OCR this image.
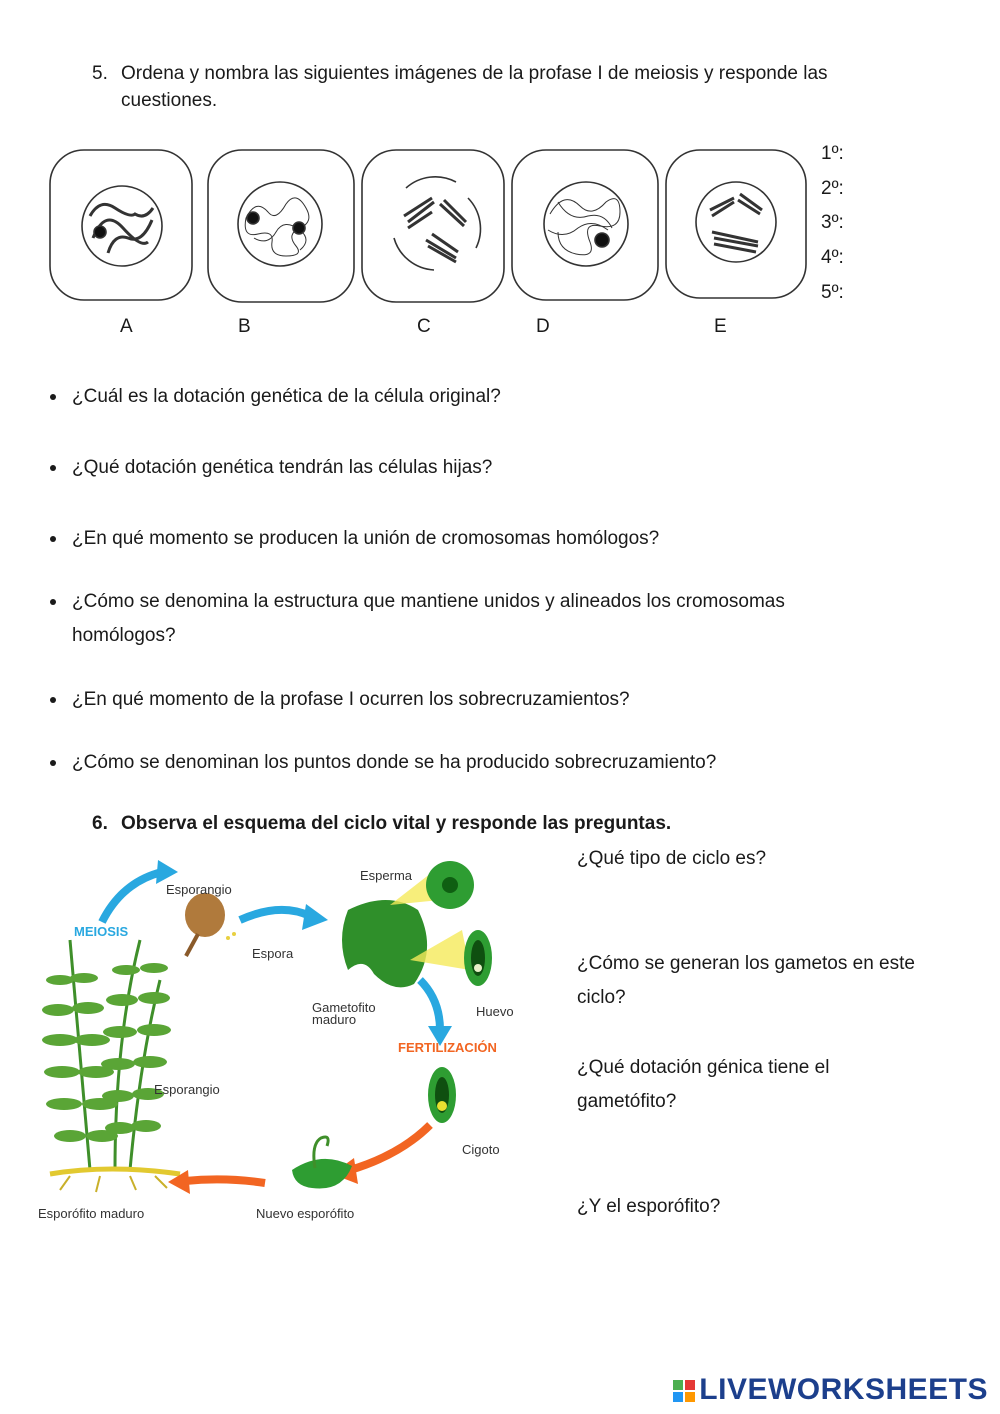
5. Ordena y nombra las siguientes imágenes de la profase I de meiosis y responde las cuestiones.
A	B	C	D	E
1º:
2º:
3º:
4º:
5º:
¿Cuál es la dotación genética de la célula original?
¿Qué dotación genética tendrán las células hijas?
¿En qué momento se producen la unión de cromosomas homólogos?
¿Cómo se denomina la estructura que mantiene unidos y alineados los cromosomas homólogos?
¿En qué momento de la profase I ocurren los sobrecruzamientos?
¿Cómo se denominan los puntos donde se ha producido sobrecruzamiento?
6. Observa el esquema del ciclo vital y responde las preguntas.
Esporangio
MEIOSIS
Espora
Esperma
Gametofito
maduro
Huevo
FERTILIZACIÓN
Cigoto
Esporangio
Nuevo esporófito
Esporófito maduro
¿Qué tipo de ciclo es?
¿Cómo se generan los gametos en este ciclo?
¿Qué dotación génica tiene el gametófito?
¿Y el esporófito?
LIVEWORKSHEETS
